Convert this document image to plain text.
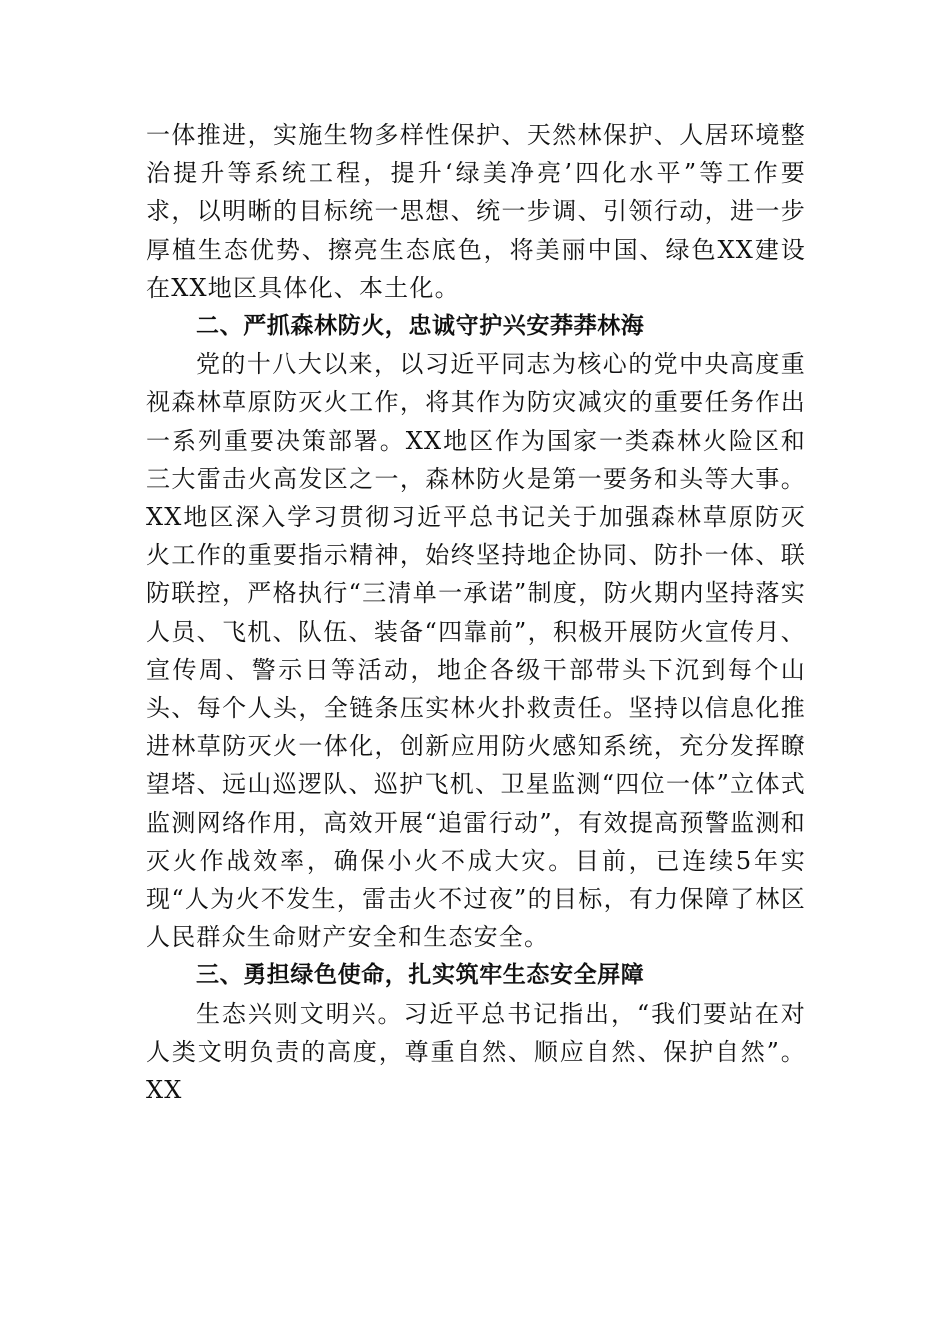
一体推进，实施生物多样性保护、天然林保护、人居环境整治提升等系统工程，提升‘绿美净亮’四化水平”等工作要求，以明晰的目标统一思想、统一步调、引领行动，进一步厚植生态优势、擦亮生态底色，将美丽中国、绿色XX建设在XX地区具体化、本土化。

二、严抓森林防火，忠诚守护兴安莽莽林海

党的十八大以来，以习近平同志为核心的党中央高度重视森林草原防灭火工作，将其作为防灾减灾的重要任务作出一系列重要决策部署。XX地区作为国家一类森林火险区和三大雷击火高发区之一，森林防火是第一要务和头等大事。XX地区深入学习贯彻习近平总书记关于加强森林草原防灭火工作的重要指示精神，始终坚持地企协同、防扑一体、联防联控，严格执行“三清单一承诺”制度，防火期内坚持落实人员、飞机、队伍、装备“四靠前”，积极开展防火宣传月、宣传周、警示日等活动，地企各级干部带头下沉到每个山头、每个人头，全链条压实林火扑救责任。坚持以信息化推进林草防灭火一体化，创新应用防火感知系统，充分发挥瞭望塔、远山巡逻队、巡护飞机、卫星监测“四位一体”立体式监测网络作用，高效开展“追雷行动”，有效提高预警监测和灭火作战效率，确保小火不成大灾。目前，已连续5年实现“人为火不发生，雷击火不过夜”的目标，有力保障了林区人民群众生命财产安全和生态安全。

三、勇担绿色使命，扎实筑牢生态安全屏障

生态兴则文明兴。习近平总书记指出，“我们要站在对人类文明负责的高度，尊重自然、顺应自然、保护自然”。XX
